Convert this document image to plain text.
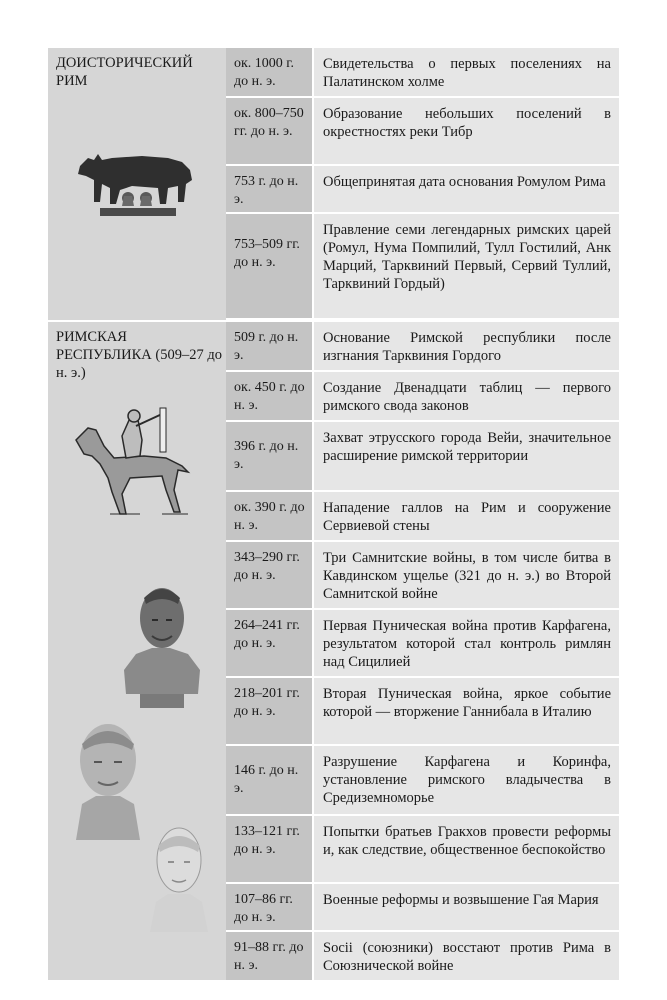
ДОИСТОРИЧЕСКИЙ РИМ
ок. 1000 г. до н. э.
Свидетельства о первых поселениях на Палатинском холме
ок. 800–750 гг. до н. э.
Образование небольших поселений в окрестностях реки Тибр
753 г. до н. э.
Общепринятая дата основания Ромулом Рима
753–509 гг. до н. э.
Правление семи легендарных римских царей (Ромул, Нума Помпилий, Тулл Гостилий, Анк Марций, Тарквиний Первый, Сервий Туллий, Тарквиний Гордый)
РИМСКАЯ РЕСПУБЛИКА (509–27 до н. э.)
509 г. до н. э.
Основание Римской республики после изгнания Тарквиния Гордого
ок. 450 г. до н. э.
Создание Двенадцати таблиц — первого римского свода законов
396 г. до н. э.
Захват этрусского города Вейи, значительное расширение римской территории
ок. 390 г. до н. э.
Нападение галлов на Рим и сооружение Сервиевой стены
343–290 гг. до н. э.
Три Самнитские войны, в том числе битва в Кавдинском ущелье (321 до н. э.) во Второй Самнитской войне
264–241 гг. до н. э.
Первая Пуническая война против Карфагена, результатом которой стал контроль римлян над Сицилией
218–201 гг. до н. э.
Вторая Пуническая война, яркое событие которой — вторжение Ганнибала в Италию
146 г. до н. э.
Разрушение Карфагена и Коринфа, установление римского владычества в Средиземноморье
133–121 гг. до н. э.
Попытки братьев Гракхов провести реформы и, как следствие, общественное беспокойство
107–86 гг. до н. э.
Военные реформы и возвышение Гая Мария
91–88 гг. до н. э.
Socii (союзники) восстают против Рима в Союзнической войне
